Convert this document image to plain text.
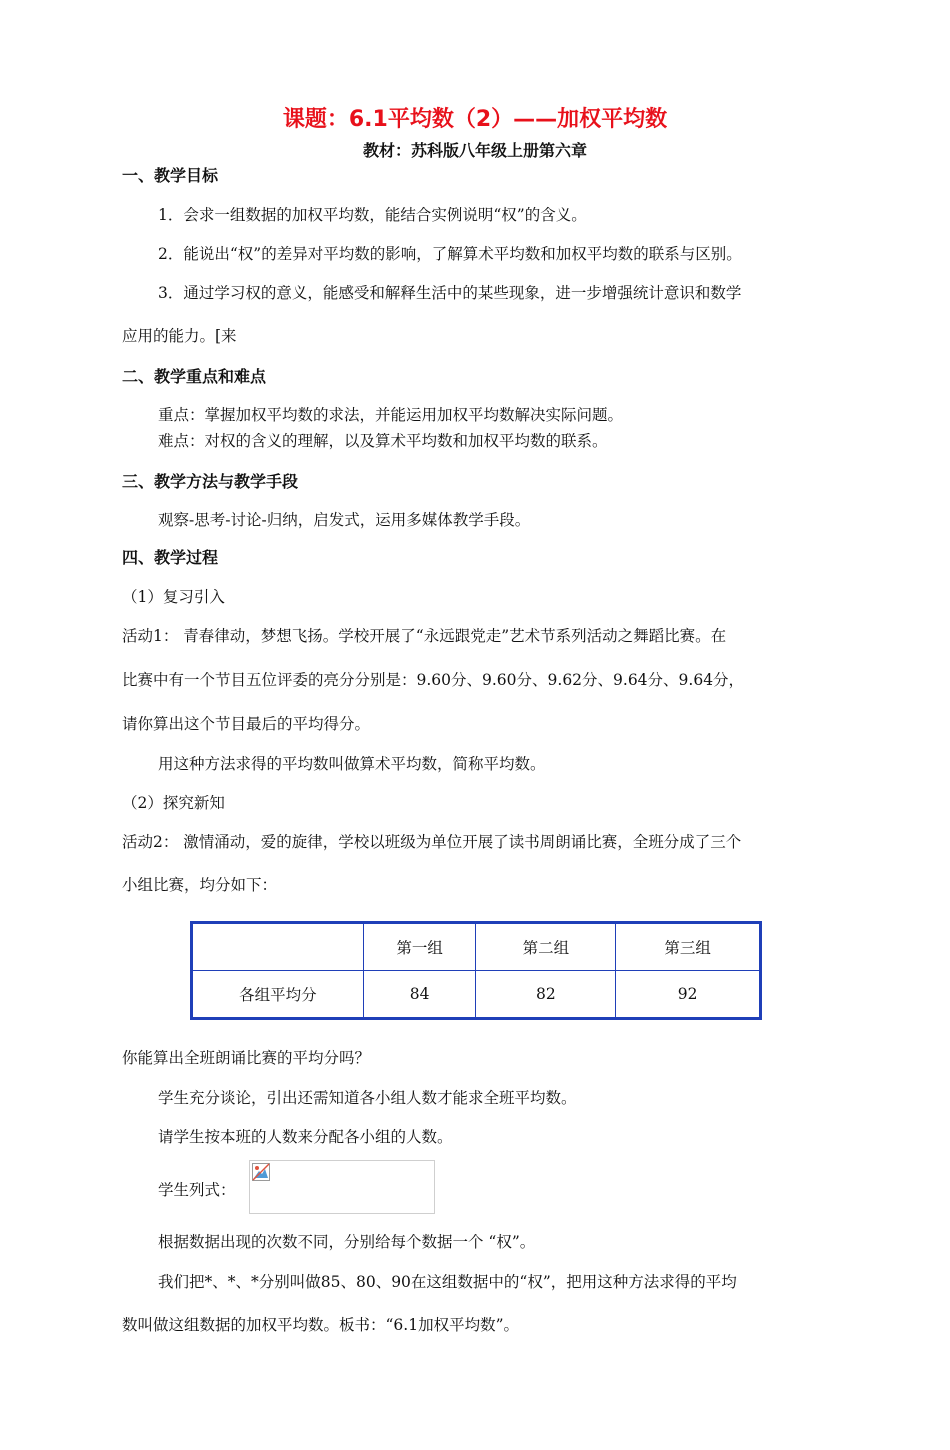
课题：6.1平均数（2）——加权平均数
教材：苏科版八年级上册第六章
一、教学目标
1．会求一组数据的加权平均数，能结合实例说明“权”的含义。
2．能说出“权”的差异对平均数的影响，了解算术平均数和加权平均数的联系与区别。
3．通过学习权的意义，能感受和解释生活中的某些现象，进一步增强统计意识和数学
应用的能力。[来
二、教学重点和难点
重点：掌握加权平均数的求法，并能运用加权平均数解决实际问题。
难点：对权的含义的理解，以及算术平均数和加权平均数的联系。
三、教学方法与教学手段
观察-思考-讨论-归纳，启发式，运用多媒体教学手段。
四、教学过程
（1）复习引入
活动1： 青春律动，梦想飞扬。学校开展了“永远跟党走”艺术节系列活动之舞蹈比赛。在
比赛中有一个节目五位评委的亮分分别是：9.60分、9.60分、9.62分、9.64分、9.64分，
请你算出这个节目最后的平均得分。
用这种方法求得的平均数叫做算术平均数，简称平均数。
（2）探究新知
活动2： 激情涌动，爱的旋律，学校以班级为单位开展了读书周朗诵比赛，全班分成了三个
小组比赛，均分如下：
	第一组	第二组	第三组
各组平均分	84	82	92
你能算出全班朗诵比赛的平均分吗？
学生充分谈论，引出还需知道各小组人数才能求全班平均数。
请学生按本班的人数来分配各小组的人数。
学生列式：
根据数据出现的次数不同，分别给每个数据一个 “权”。
我们把*、*、*分别叫做85、80、90在这组数据中的“权”，把用这种方法求得的平均
数叫做这组数据的加权平均数。板书：“6.1加权平均数”。
